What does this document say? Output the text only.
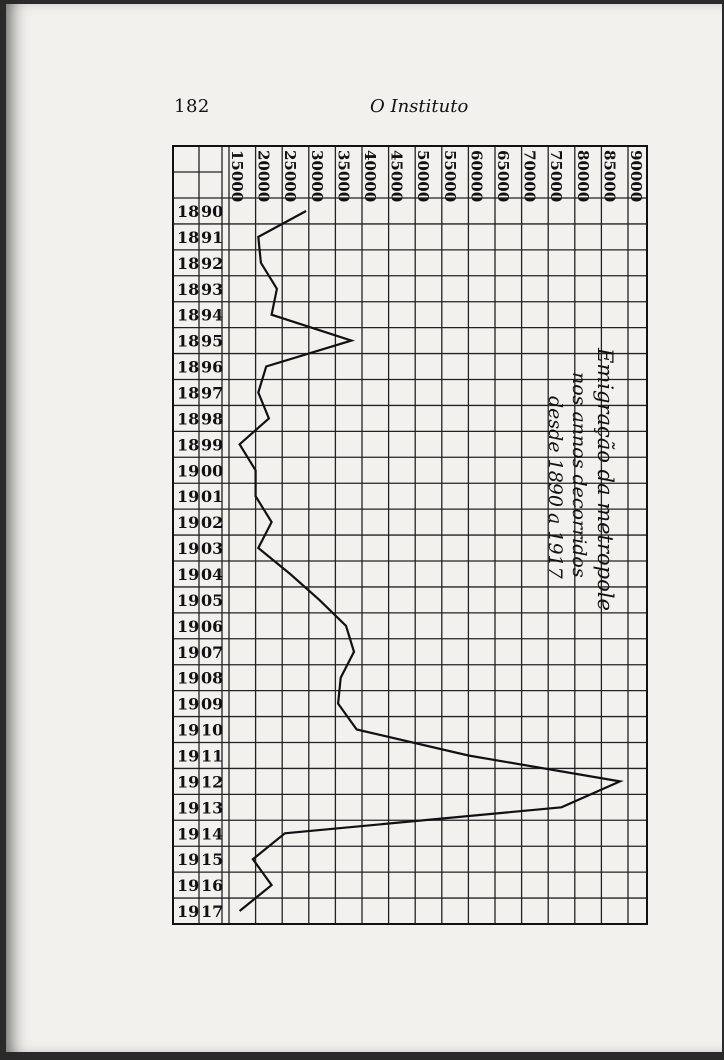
182	O Instituto
15000 20000 25000 30000 35000 40000 45000 50000 55000 60000 65000 70000 75000 80000 85000 90000
18 90
18 91
18 92
18 93
18 94
18 95
18 96
18 97
18 98
18 99
19 00
19 01
19 02
19 03
19 04
19 05
19 06
19 07
19 08
19 09
19 10
19 11
19 12
19 13
19 14
19 15
19 16
19 17
Emigração da metropole
nos annos decorridos
desde 1890 a 1917
